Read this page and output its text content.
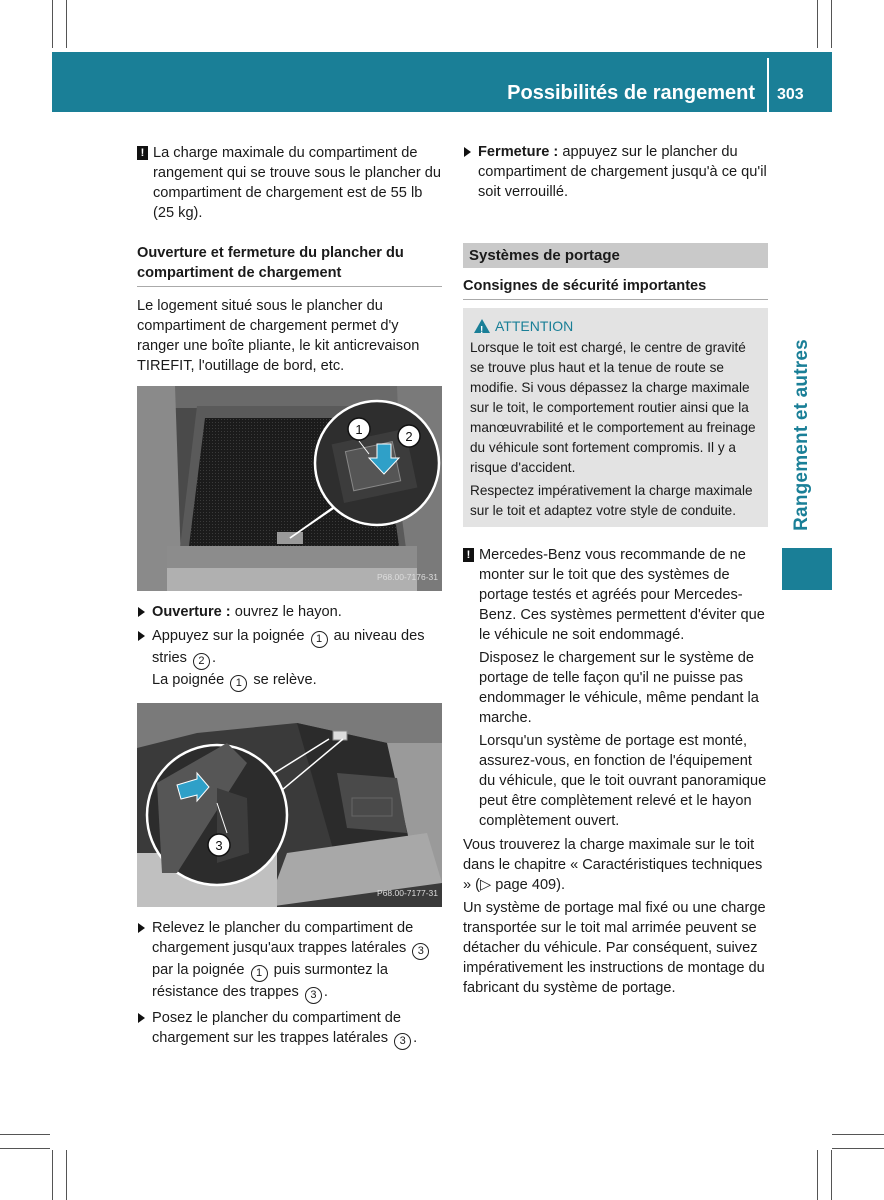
Possibilités de rangement 303
Rangement et autres
! La charge maximale du compartiment de rangement qui se trouve sous le plancher du compartiment de chargement est de 55 lb (25 kg).

Ouverture et fermeture du plancher du compartiment de chargement

Le logement situé sous le plancher du compartiment de chargement permet d'y ranger une boîte pliante, le kit anticrevaison TIREFIT, l'outillage de bord, etc.

1	2
P68.00-7176-31
Ouverture : ouvrez le hayon.
Appuyez sur la poignée 1 au niveau des stries 2 .
La poignée 1 se relève.
3
P68.00-7177-31
Relevez le plancher du compartiment de chargement jusqu'aux trappes latérales 3 par la poignée 1 puis surmontez la résistance des trappes 3 .
Posez le plancher du compartiment de chargement sur les trappes latérales 3 .
Fermeture : appuyez sur le plancher du compartiment de chargement jusqu'à ce qu'il soit verrouillé.
Systèmes de portage
Consignes de sécurité importantes
!
ATTENTION

Lorsque le toit est chargé, le centre de gravité se trouve plus haut et la tenue de route se modifie. Si vous dépassez la charge maximale sur le toit, le comportement routier ainsi que la manœuvrabilité et le comportement au freinage du véhicule sont fortement compromis. Il y a risque d'accident.

Respectez impérativement la charge maximale sur le toit et adaptez votre style de conduite.

! Mercedes-Benz vous recommande de ne monter sur le toit que des systèmes de portage testés et agréés pour Mercedes-Benz. Ces systèmes permettent d'éviter que le véhicule ne soit endommagé.

Disposez le chargement sur le système de portage de telle façon qu'il ne puisse pas endommager le véhicule, même pendant la marche.

Lorsqu'un système de portage est monté, assurez-vous, en fonction de l'équipement du véhicule, que le toit ouvrant panoramique peut être complètement relevé et le hayon complètement ouvert.

Vous trouverez la charge maximale sur le toit dans le chapitre « Caractéristiques techniques » (▷ page 409).

Un système de portage mal fixé ou une charge transportée sur le toit mal arrimée peuvent se détacher du véhicule. Par conséquent, suivez impérativement les instructions de montage du fabricant du système de portage.
